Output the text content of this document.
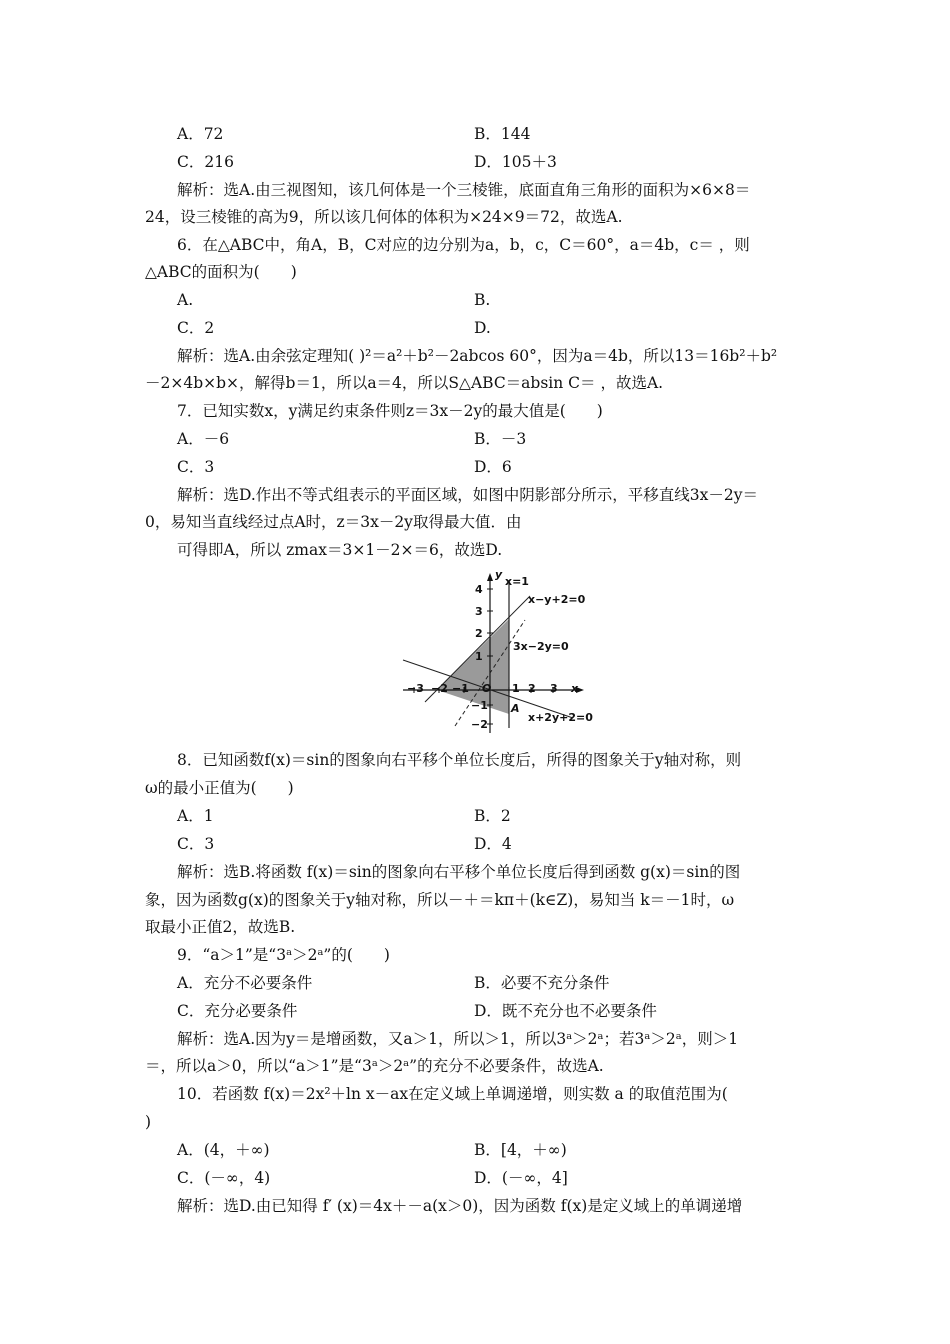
A．72	B．144
C．216	D．105＋3
解析：选A.由三视图知，该几何体是一个三棱锥，底面直角三角形的面积为×6×8＝
24，设三棱锥的高为9，所以该几何体的体积为×24×9＝72，故选A.
6．在△ABC中，角A，B，C对应的边分别为a，b，c，C＝60°，a＝4b，c＝ ，则
△ABC的面积为(　　)
A.	B.
C．2	D.
解析：选A.由余弦定理知( )²＝a²＋b²－2abcos 60°，因为a＝4b，所以13＝16b²＋b²
－2×4b×b×，解得b＝1，所以a＝4，所以S△ABC＝absin C＝ ，故选A.
7．已知实数x，y满足约束条件则z＝3x－2y的最大值是(　　)
A．－6	B．－3
C．3	D．6
解析：选D.作出不等式组表示的平面区域，如图中阴影部分所示，平移直线3x－2y＝
0，易知当直线经过点A时，z＝3x－2y取得最大值．由
可得即A，所以 zmax＝3×1－2×＝6，故选D.
−3 −2 −1 O 1 2 3 x
4
3
2
1
−1
−2
y
x=1
x−y+2=0
3x−2y=0
x+2y+2=0
A
8．已知函数f(x)＝sin的图象向右平移个单位长度后，所得的图象关于y轴对称，则
ω的最小正值为(　　)
A．1	B．2
C．3	D．4
解析：选B.将函数 f(x)＝sin的图象向右平移个单位长度后得到函数 g(x)＝sin的图
象，因为函数g(x)的图象关于y轴对称，所以－＋＝kπ＋(k∈Z)，易知当 k＝－1时，ω
取最小正值2，故选B.
9．“a＞1”是“3ᵃ＞2ᵃ”的(　　)
A．充分不必要条件	B．必要不充分条件
C．充分必要条件	D．既不充分也不必要条件
解析：选A.因为y＝是增函数，又a＞1，所以＞1，所以3ᵃ＞2ᵃ；若3ᵃ＞2ᵃ，则＞1
＝，所以a＞0，所以“a＞1”是“3ᵃ＞2ᵃ”的充分不必要条件，故选A.
10．若函数 f(x)＝2x²＋ln x－ax在定义域上单调递增，则实数 a 的取值范围为(
)
A．(4，＋∞)	B．[4，＋∞)
C．(－∞，4)	D．(－∞，4]
解析：选D.由已知得 f′ (x)＝4x＋－a(x＞0)，因为函数 f(x)是定义域上的单调递增
